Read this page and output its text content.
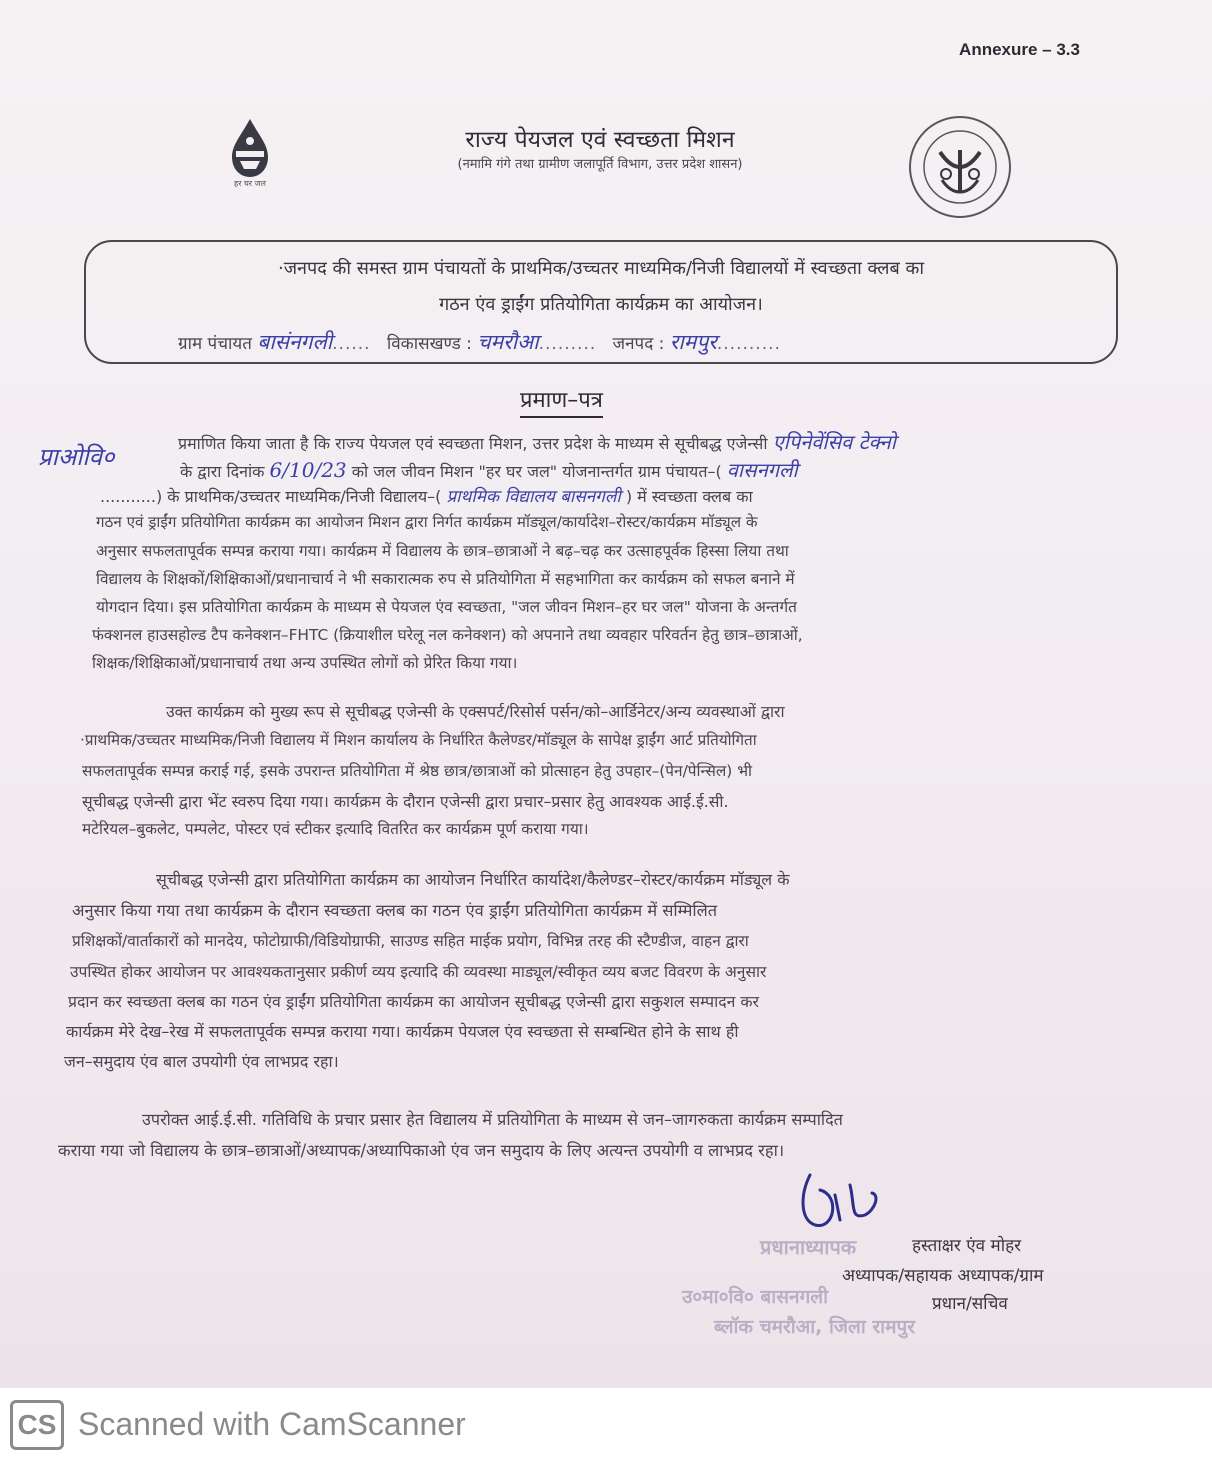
Annexure – 3.3
हर घर जल
राज्य पेयजल एवं स्वच्छता मिशन
(नमामि गंगे तथा ग्रामीण जलापूर्ति विभाग, उत्तर प्रदेश शासन)
·जनपद की समस्त ग्राम पंचायतों के प्राथमिक/उच्चतर माध्यमिक/निजी विद्यालयों में स्वच्छता क्लब का
गठन एंव ड्राईंग प्रतियोगिता कार्यक्रम का आयोजन।
ग्राम पंचायत बासंनगली...... विकासखण्ड : चमरौआ......... जनपद : रामपुर..........
प्रमाण–पत्र
प्राओवि०	प्रमाणित किया जाता है कि राज्य पेयजल एवं स्वच्छता मिशन, उत्तर प्रदेश के माध्यम से सूचीबद्ध एजेन्सी एपिनेवेंसिव टेक्नो
के द्वारा दिनांक 6/10/23 को जल जीवन मिशन "हर घर जल" योजनान्तर्गत ग्राम पंचायत–( वासनगली
...........) के प्राथमिक/उच्चतर माध्यमिक/निजी विद्यालय–( प्राथमिक विद्यालय बासनगली ) में स्वच्छता क्लब का
गठन एवं ड्राईंग प्रतियोगिता कार्यक्रम का आयोजन मिशन द्वारा निर्गत कार्यक्रम मॉड्यूल/कार्यादेश–रोस्टर/कार्यक्रम मॉड्यूल के
अनुसार सफलतापूर्वक सम्पन्न कराया गया। कार्यक्रम में विद्यालय के छात्र–छात्राओं ने बढ़–चढ़ कर उत्साहपूर्वक हिस्सा लिया तथा
विद्यालय के शिक्षकों/शिक्षिकाओं/प्रधानाचार्य ने भी सकारात्मक रुप से प्रतियोगिता में सहभागिता कर कार्यक्रम को सफल बनाने में
योगदान दिया। इस प्रतियोगिता कार्यक्रम के माध्यम से पेयजल एंव स्वच्छता, "जल जीवन मिशन–हर घर जल" योजना के अन्तर्गत
फंक्शनल हाउसहोल्ड टैप कनेक्शन–FHTC (क्रियाशील घरेलू नल कनेक्शन) को अपनाने तथा व्यवहार परिवर्तन हेतु छात्र–छात्राओं,
शिक्षक/शिक्षिकाओं/प्रधानाचार्य तथा अन्य उपस्थित लोगों को प्रेरित किया गया।
उक्त कार्यक्रम को मुख्य रूप से सूचीबद्ध एजेन्सी के एक्सपर्ट/रिसोर्स पर्सन/को–आर्डिनेटर/अन्य व्यवस्थाओं द्वारा
·प्राथमिक/उच्चतर माध्यमिक/निजी विद्यालय में मिशन कार्यालय के निर्धारित कैलेण्डर/मॉड्यूल के सापेक्ष ड्राईंग आर्ट प्रतियोगिता
सफलतापूर्वक सम्पन्न कराई गई, इसके उपरान्त प्रतियोगिता में श्रेष्ठ छात्र/छात्राओं को प्रोत्साहन हेतु उपहार–(पेन/पेन्सिल) भी
सूचीबद्ध एजेन्सी द्वारा भेंट स्वरुप दिया गया। कार्यक्रम के दौरान एजेन्सी द्वारा प्रचार–प्रसार हेतु आवश्यक आई.ई.सी.
मटेरियल–बुकलेट, पम्पलेट, पोस्टर एवं स्टीकर इत्यादि वितरित कर कार्यक्रम पूर्ण कराया गया।
सूचीबद्ध एजेन्सी द्वारा प्रतियोगिता कार्यक्रम का आयोजन निर्धारित कार्यादेश/कैलेण्डर–रोस्टर/कार्यक्रम मॉड्यूल के
अनुसार किया गया तथा कार्यक्रम के दौरान स्वच्छता क्लब का गठन एंव ड्राईंग प्रतियोगिता कार्यक्रम में सम्मिलित
प्रशिक्षकों/वार्ताकारों को मानदेय, फोटोग्राफी/विडियोग्राफी, साउण्ड सहित माईक प्रयोग, विभिन्न तरह की स्टैण्डीज, वाहन द्वारा
उपस्थित होकर आयोजन पर आवश्यकतानुसार प्रकीर्ण व्यय इत्यादि की व्यवस्था माड्यूल/स्वीकृत व्यय बजट विवरण के अनुसार
प्रदान कर स्वच्छता क्लब का गठन एंव ड्राईंग प्रतियोगिता कार्यक्रम का आयोजन सूचीबद्ध एजेन्सी द्वारा सकुशल सम्पादन कर
कार्यक्रम मेरे देख–रेख में सफलतापूर्वक सम्पन्न कराया गया। कार्यक्रम पेयजल एंव स्वच्छता से सम्बन्धित होने के साथ ही
जन–समुदाय एंव बाल उपयोगी एंव लाभप्रद रहा।
उपरोक्त आई.ई.सी. गतिविधि के प्रचार प्रसार हेत विद्यालय में प्रतियोगिता के माध्यम से जन–जागरुकता कार्यक्रम सम्पादित
कराया गया जो विद्यालय के छात्र–छात्राओं/अध्यापक/अध्यापिकाओ एंव जन समुदाय के लिए अत्यन्त उपयोगी व लाभप्रद रहा।
प्रधानाध्यापक
उ०मा०वि० बासनगली
ब्लॉक चमरौआ, जिला रामपुर
हस्ताक्षर एंव मोहर
अध्यापक/सहायक अध्यापक/ग्राम
प्रधान/सचिव
CS Scanned with CamScanner
